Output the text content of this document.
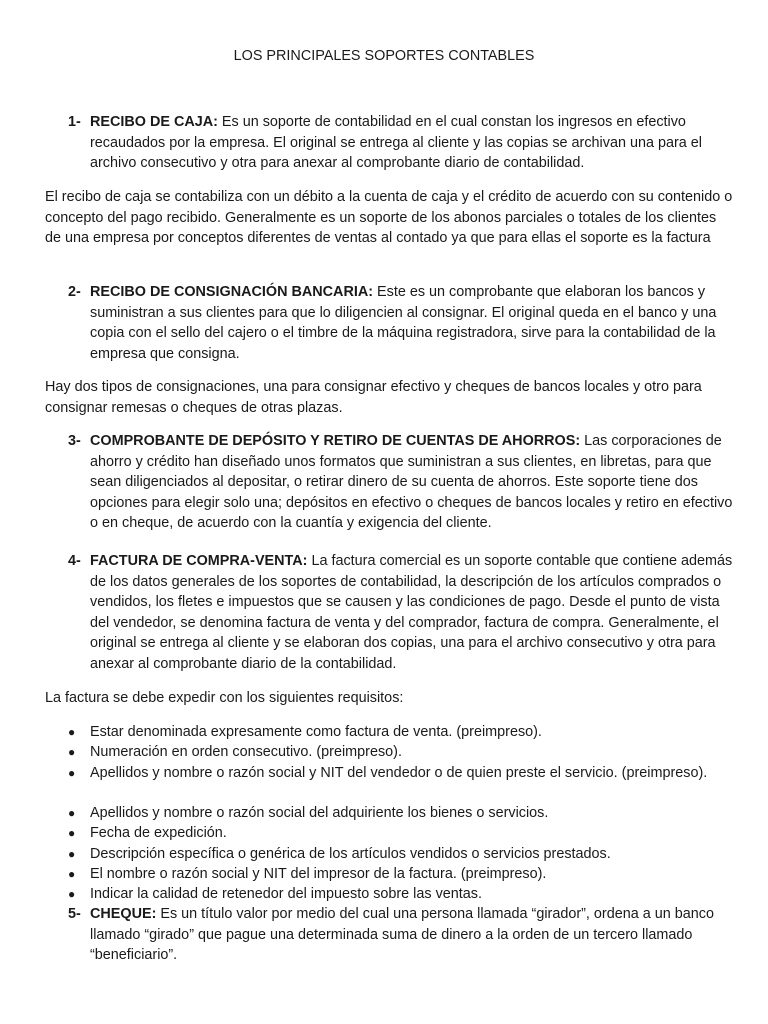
LOS PRINCIPALES SOPORTES CONTABLES
1- RECIBO DE CAJA: Es un soporte de contabilidad en el cual constan los ingresos en efectivo recaudados por la empresa. El original se entrega al cliente y las copias se archivan una para el archivo consecutivo y otra para anexar al comprobante diario de contabilidad.
El recibo de caja se contabiliza con un débito a la cuenta de caja y el crédito de acuerdo con su contenido o concepto del pago recibido. Generalmente es un soporte de los abonos parciales o totales de los clientes de una empresa por conceptos diferentes de ventas al contado ya que para ellas el soporte es la factura
2- RECIBO DE CONSIGNACIÓN BANCARIA: Este es un comprobante que elaboran los bancos y suministran a sus clientes para que lo diligencien al consignar. El original queda en el banco y una copia con el sello del cajero o el timbre de la máquina registradora, sirve para la contabilidad de la empresa que consigna.
Hay dos tipos de consignaciones, una para consignar efectivo y cheques de bancos locales y otro para consignar remesas o cheques de otras plazas.
3- COMPROBANTE DE DEPÓSITO Y RETIRO DE CUENTAS DE AHORROS: Las corporaciones de ahorro y crédito han diseñado unos formatos que suministran a sus clientes, en libretas, para que sean diligenciados al depositar, o retirar dinero de su cuenta de ahorros. Este soporte tiene dos opciones para elegir solo una; depósitos en efectivo o cheques de bancos locales y retiro en efectivo o en cheque, de acuerdo con la cuantía y exigencia del cliente.
4- FACTURA DE COMPRA-VENTA: La factura comercial es un soporte contable que contiene además de los datos generales de los soportes de contabilidad, la descripción de los artículos comprados o vendidos, los fletes e impuestos que se causen y las condiciones de pago. Desde el punto de vista del vendedor, se denomina factura de venta y del comprador, factura de compra. Generalmente, el original se entrega al cliente y se elaboran dos copias, una para el archivo consecutivo y otra para anexar al comprobante diario de la contabilidad.
La factura se debe expedir con los siguientes requisitos:
● Estar denominada expresamente como factura de venta. (preimpreso).
● Numeración en orden consecutivo. (preimpreso).
● Apellidos y nombre o razón social y NIT del vendedor o de quien preste el servicio. (preimpreso).
● Apellidos y nombre o razón social del adquiriente los bienes o servicios.
● Fecha de expedición.
● Descripción específica o genérica de los artículos vendidos o servicios prestados.
● El nombre o razón social y NIT del impresor de la factura. (preimpreso).
● Indicar la calidad de retenedor del impuesto sobre las ventas.
5- CHEQUE: Es un título valor por medio del cual una persona llamada “girador”, ordena a un banco llamado “girado” que pague una determinada suma de dinero a la orden de un tercero llamado “beneficiario”.
